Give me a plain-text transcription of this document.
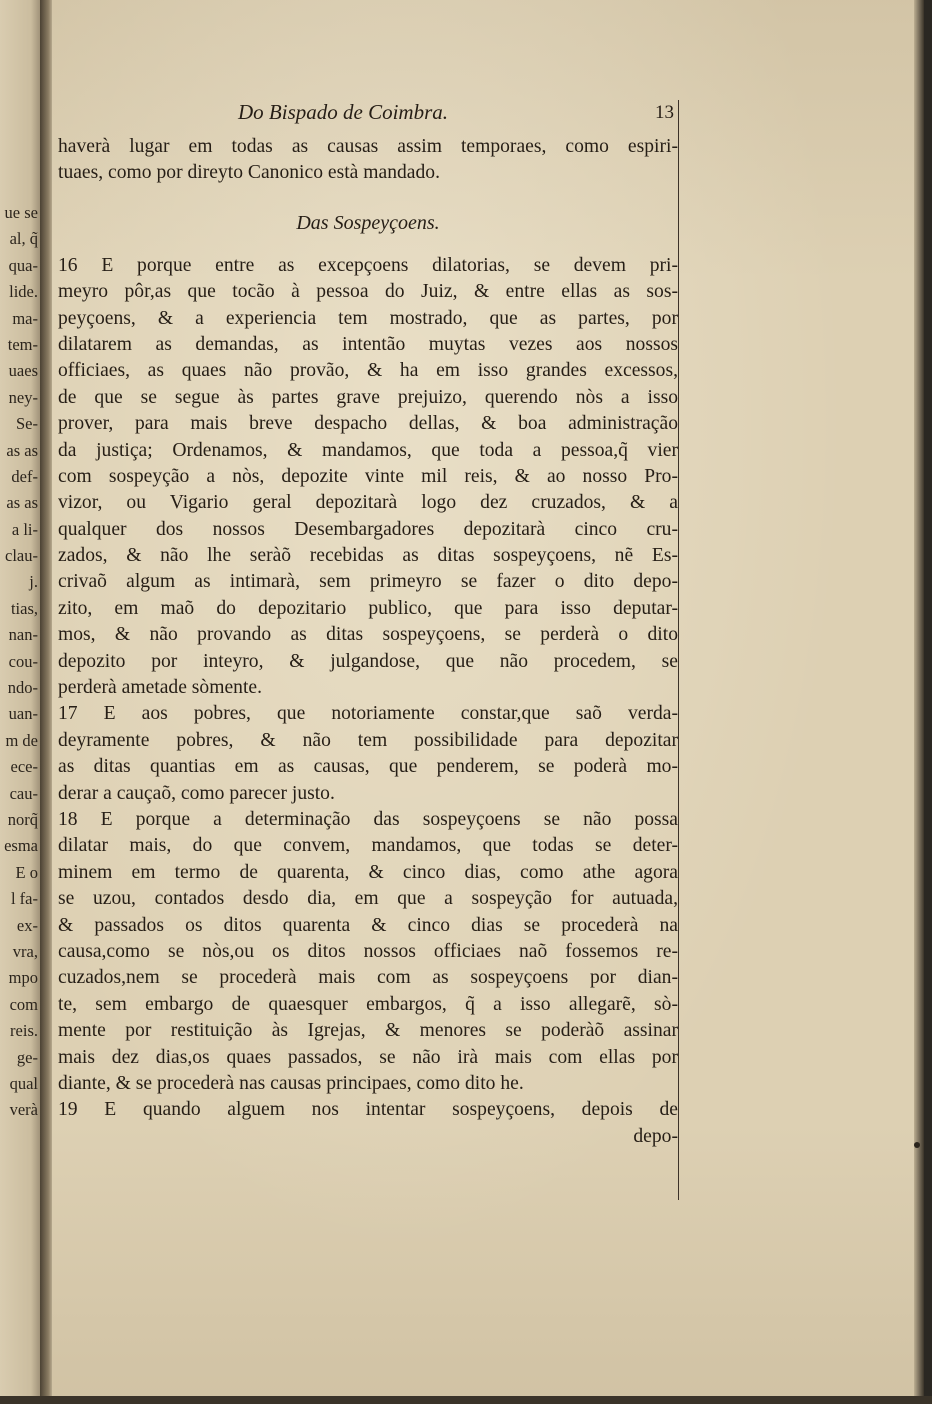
ue se
al, q̃
qua-
lide.
ma-
tem-
uaes
ney-
Se-
as as
def-
as as
a li-
clau-
j.
tias,
nan-
cou-
ndo-
uan-
m de
ece-
cau-
norq̃
esma
E o
l fa-
ex-
vra,
mpo
com
reis.
ge-
qual
verà
Do Bispado de Coimbra.	13
haverà lugar em todas as causas assim temporaes, como espiri-
tuaes, como por direyto Canonico està mandado.
Das Sospeyçoens.
16 E porque entre as excepçoens dilatorias, se devem pri-
meyro pôr,as que tocão à pessoa do Juiz, & entre ellas as sos-
peyçoens, & a experiencia tem mostrado, que as partes, por
dilatarem as demandas, as intentão muytas vezes aos nossos
officiaes, as quaes não provão, & ha em isso grandes excessos,
de que se segue às partes grave prejuizo, querendo nòs a isso
prover, para mais breve despacho dellas, & boa administração
da justiça; Ordenamos, & mandamos, que toda a pessoa,q̃ vier
com sospeyção a nòs, depozite vinte mil reis, & ao nosso Pro-
vizor, ou Vigario geral depozitarà logo dez cruzados, & a
qualquer dos nossos Desembargadores depozitarà cinco cru-
zados, & não lhe seràõ recebidas as ditas sospeyçoens, nẽ Es-
crivaõ algum as intimarà, sem primeyro se fazer o dito depo-
zito, em maõ do depozitario publico, que para isso deputar-
mos, & não provando as ditas sospeyçoens, se perderà o dito
depozito por inteyro, & julgandose, que não procedem, se
perderà ametade sòmente.
17 E aos pobres, que notoriamente constar,que saõ verda-
deyramente pobres, & não tem possibilidade para depozitar
as ditas quantias em as causas, que penderem, se poderà mo-
derar a cauçaõ, como parecer justo.
18 E porque a determinação das sospeyçoens se não possa
dilatar mais, do que convem, mandamos, que todas se deter-
minem em termo de quarenta, & cinco dias, como athe agora
se uzou, contados desdo dia, em que a sospeyção for autuada,
& passados os ditos quarenta & cinco dias se procederà na
causa,como se nòs,ou os ditos nossos officiaes naõ fossemos re-
cuzados,nem se procederà mais com as sospeyçoens por dian-
te, sem embargo de quaesquer embargos, q̃ a isso allegarẽ, sò-
mente por restituição às Igrejas, & menores se poderàõ assinar
mais dez dias,os quaes passados, se não irà mais com ellas por
diante, & se procederà nas causas principaes, como dito he.
19 E quando alguem nos intentar sospeyçoens, depois de
depo-
